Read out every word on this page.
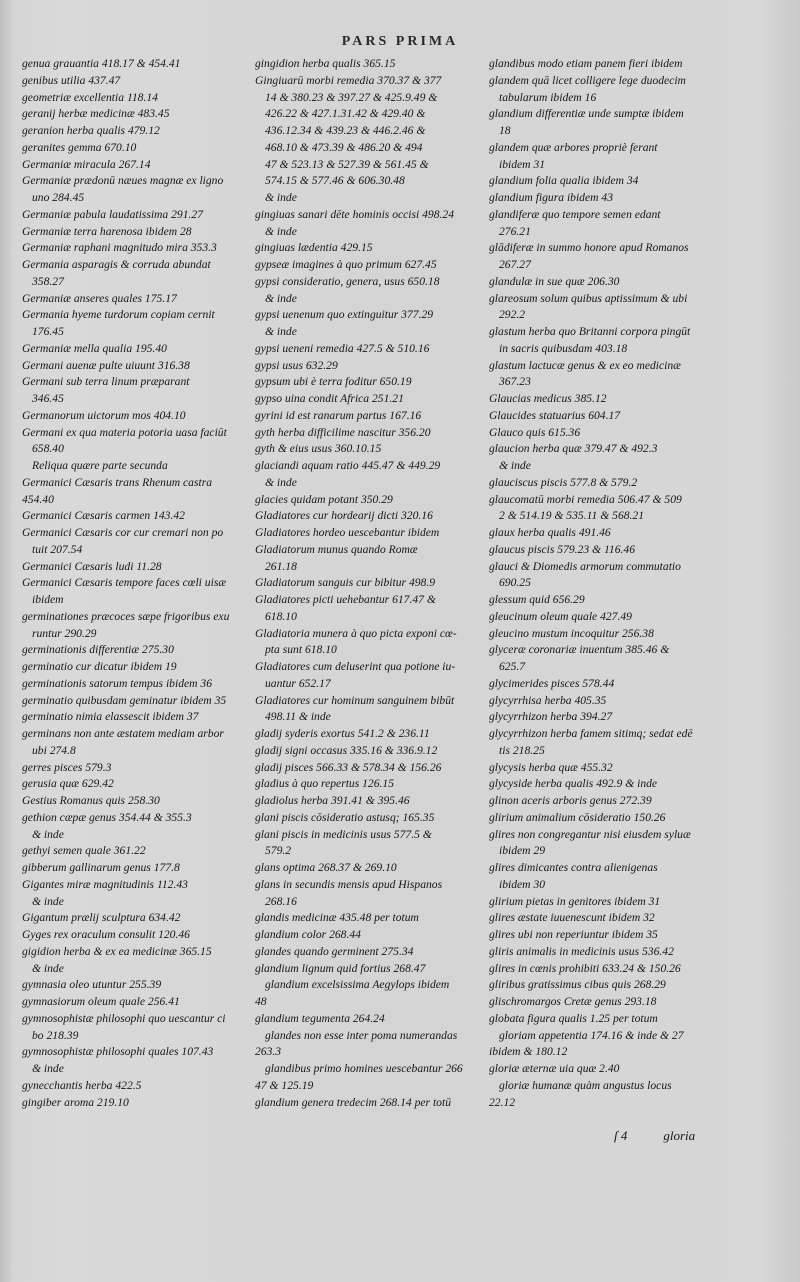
PARS PRIMA
genua grauantia 418.17 & 454.41
genibus utilia 437.47
geometriæ excellentia 118.14
geranij herbæ medicinæ 483.45
geranion herba qualis 479.12
geranites gemma 670.10
Germaniæ miracula 267.14
Germaniæ prædonū næues magnæ ex ligno
uno 284.45
Germaniæ pabula laudatissima 291.27
Germaniæ terra harenosa ibidem 28
Germaniæ raphani magnitudo mira 353.3
Germania asparagis & corruda abundat
358.27
Germaniæ anseres quales 175.17
Germania hyeme turdorum copiam cernit
176.45
Germaniæ mella qualia 195.40
Germani auenæ pulte uiuunt 316.38
Germani sub terra linum præparant
346.45
Germanorum uictorum mos 404.10
Germani ex qua materia potoria uasa faciūt
658.40
Reliqua quære parte secunda
Germanici Cæsaris trans Rhenum castra
454.40
Germanici Cæsaris carmen 143.42
Germanici Cæsaris cor cur cremari non po
tuit 207.54
Germanici Cæsaris ludi 11.28
Germanici Cæsaris tempore faces cœli uisæ
ibidem
germinationes præcoces sæpe frigoribus exu
runtur 290.29
germinationis differentiæ 275.30
germinatio cur dicatur ibidem 19
germinationis satorum tempus ibidem 36
germinatio quibusdam geminatur ibidem 35
germinatio nimia elassescit ibidem 37
germinans non ante æstatem mediam arbor
ubi 274.8
gerres pisces 579.3
gerusia quæ 629.42
Gestius Romanus quis 258.30
gethion cæpæ genus 354.44 & 355.3
& inde
gethyi semen quale 361.22
gibberum gallinarum genus 177.8
Gigantes miræ magnitudinis 112.43
& inde
Gigantum prælij sculptura 634.42
Gyges rex oraculum consulit 120.46
gigidion herba & ex ea medicinæ 365.15
& inde
gymnasia oleo utuntur 255.39
gymnasiorum oleum quale 256.41
gymnosophistæ philosophi quo uescantur ci
bo 218.39
gymnosophistæ philosophi quales 107.43
& inde
gynecchantis herba 422.5
gingiber aroma 219.10
gingidion herba qualis 365.15
Gingiuarū morbi remedia 370.37 & 377
14 & 380.23 & 397.27 & 425.9.49 &
426.22 & 427.1.31.42 & 429.40 &
436.12.34 & 439.23 & 446.2.46 &
468.10 & 473.39 & 486.20 & 494
47 & 523.13 & 527.39 & 561.45 &
574.15 & 577.46 & 606.30.48
& inde
gingiuas sanari dēte hominis occisi 498.24
& inde
gingiuas lædentia 429.15
gypseæ imagines à quo primum 627.45
gypsi consideratio, genera, usus 650.18
& inde
gypsi uenenum quo extinguitur 377.29
& inde
gypsi ueneni remedia 427.5 & 510.16
gypsi usus 632.29
gypsum ubi è terra foditur 650.19
gypso uina condit Africa 251.21
gyrini id est ranarum partus 167.16
gyth herba difficilime nascitur 356.20
gyth & eius usus 360.10.15
glaciandi aquam ratio 445.47 & 449.29
& inde
glacies quidam potant 350.29
Gladiatores cur hordearij dicti 320.16
Gladiatores hordeo uescebantur ibidem
Gladiatorum munus quando Romæ
261.18
Gladiatorum sanguis cur bibitur 498.9
Gladiatores picti uehebantur 617.47 &
618.10
Gladiatoria munera à quo picta exponi cœ-
pta sunt 618.10
Gladiatores cum deluserint qua potione iu-
uantur 652.17
Gladiatores cur hominum sanguinem bibūt
498.11 & inde
gladij syderis exortus 541.2 & 236.11
gladij signi occasus 335.16 & 336.9.12
gladij pisces 566.33 & 578.34 & 156.26
gladius à quo repertus 126.15
gladiolus herba 391.41 & 395.46
glani piscis cōsideratio astusq; 165.35
glani piscis in medicinis usus 577.5 &
579.2
glans optima 268.37 & 269.10
glans in secundis mensis apud Hispanos
268.16
glandis medicinæ 435.48 per totum
glandium color 268.44
glandes quando germinent 275.34
glandium lignum quid fortius 268.47
glandium excelsissima Aegylops ibidem
48
glandium tegumenta 264.24
glandes non esse inter poma numerandas
263.3
glandibus primo homines uescebantur 266
47 & 125.19
glandium genera tredecim 268.14 per totū
glandibus modo etiam panem fieri ibidem
glandem quā licet colligere lege duodecim
tabularum ibidem 16
glandium differentiæ unde sumptæ ibidem
18
glandem quæ arbores propriè ferant
ibidem 31
glandium folia qualia ibidem 34
glandium figura ibidem 43
glandiferæ quo tempore semen edant
276.21
glādiferæ in summo honore apud Romanos
267.27
glandulæ in sue quæ 206.30
glareosum solum quibus aptissimum & ubi
292.2
glastum herba quo Britanni corpora pingūt
in sacris quibusdam 403.18
glastum lactucæ genus & ex eo medicinæ
367.23
Glaucias medicus 385.12
Glaucides statuarius 604.17
Glauco quis 615.36
glaucion herba quæ 379.47 & 492.3
& inde
glauciscus piscis 577.8 & 579.2
glaucomatū morbi remedia 506.47 & 509
2 & 514.19 & 535.11 & 568.21
glaux herba qualis 491.46
glaucus piscis 579.23 & 116.46
glauci & Diomedis armorum commutatio
690.25
glessum quid 656.29
gleucinum oleum quale 427.49
gleucino mustum incoquitur 256.38
glyceræ coronariæ inuentum 385.46 &
625.7
glycimerides pisces 578.44
glycyrrhisa herba 405.35
glycyrrhizon herba 394.27
glycyrrhizon herba famem sitimq; sedat edē
tis 218.25
glycysis herba quæ 455.32
glycyside herba qualis 492.9 & inde
glinon aceris arboris genus 272.39
glirium animalium cōsideratio 150.26
glires non congregantur nisi eiusdem syluæ
ibidem 29
glires dimicantes contra alienigenas
ibidem 30
glirium pietas in genitores ibidem 31
glires æstate iuuenescunt ibidem 32
glires ubi non reperiuntur ibidem 35
gliris animalis in medicinis usus 536.42
glires in cœnis prohibiti 633.24 & 150.26
gliribus gratissimus cibus quis 268.29
glischromargos Cretæ genus 293.18
globata figura qualis 1.25 per totum
gloriam appetentia 174.16 & inde & 27
ibidem & 180.12
gloriæ æternæ uia quæ 2.40
gloriæ humanæ quàm angustus locus
22.12
ſ 4	gloria
